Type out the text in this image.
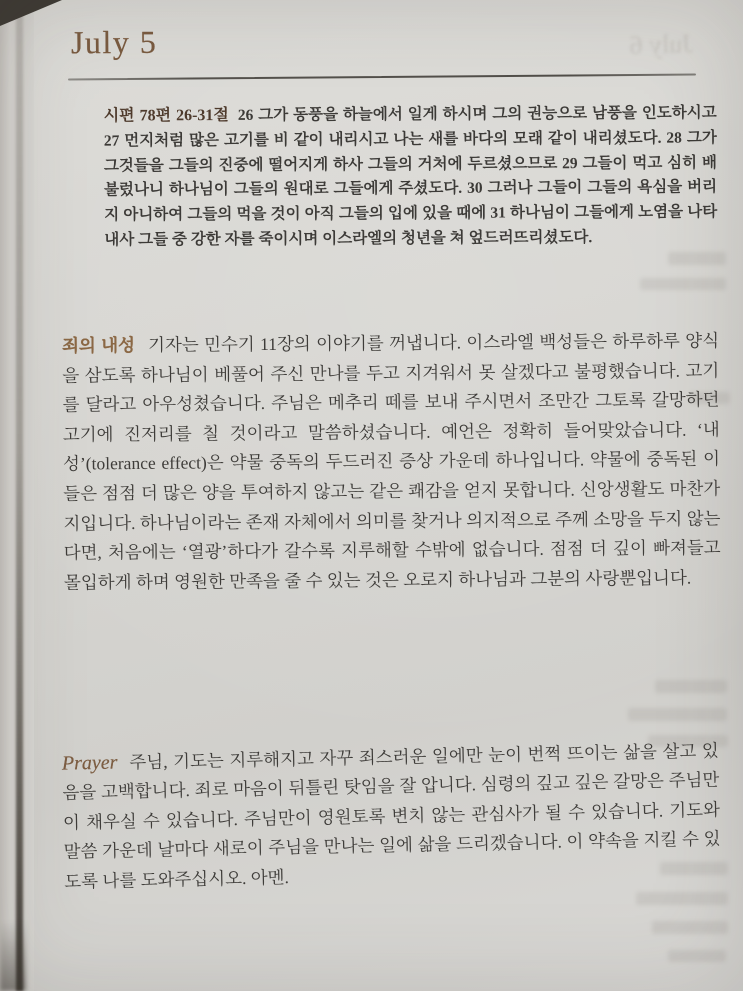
July 6
July 5
시편 78편 26-31절 26 그가 동풍을 하늘에서 일게 하시며 그의 권능으로 남풍을 인도하시고 27 먼지처럼 많은 고기를 비 같이 내리시고 나는 새를 바다의 모래 같이 내리셨도다. 28 그가 그것들을 그들의 진중에 떨어지게 하사 그들의 거처에 두르셨으므로 29 그들이 먹고 심히 배불렀나니 하나님이 그들의 원대로 그들에게 주셨도다. 30 그러나 그들이 그들의 욕심을 버리지 아니하여 그들의 먹을 것이 아직 그들의 입에 있을 때에 31 하나님이 그들에게 노염을 나타내사 그들 중 강한 자를 죽이시며 이스라엘의 청년을 쳐 엎드러뜨리셨도다.
죄의 내성 기자는 민수기 11장의 이야기를 꺼냅니다. 이스라엘 백성들은 하루하루 양식을 삼도록 하나님이 베풀어 주신 만나를 두고 지겨워서 못 살겠다고 불평했습니다. 고기를 달라고 아우성쳤습니다. 주님은 메추리 떼를 보내 주시면서 조만간 그토록 갈망하던 고기에 진저리를 칠 것이라고 말씀하셨습니다. 예언은 정확히 들어맞았습니다. ‘내성’(tolerance effect)은 약물 중독의 두드러진 증상 가운데 하나입니다. 약물에 중독된 이들은 점점 더 많은 양을 투여하지 않고는 같은 쾌감을 얻지 못합니다. 신앙생활도 마찬가지입니다. 하나님이라는 존재 자체에서 의미를 찾거나 의지적으로 주께 소망을 두지 않는다면, 처음에는 ‘열광’하다가 갈수록 지루해할 수밖에 없습니다. 점점 더 깊이 빠져들고 몰입하게 하며 영원한 만족을 줄 수 있는 것은 오로지 하나님과 그분의 사랑뿐입니다.
Prayer 주님, 기도는 지루해지고 자꾸 죄스러운 일에만 눈이 번쩍 뜨이는 삶을 살고 있음을 고백합니다. 죄로 마음이 뒤틀린 탓임을 잘 압니다. 심령의 깊고 깊은 갈망은 주님만이 채우실 수 있습니다. 주님만이 영원토록 변치 않는 관심사가 될 수 있습니다. 기도와 말씀 가운데 날마다 새로이 주님을 만나는 일에 삶을 드리겠습니다. 이 약속을 지킬 수 있도록 나를 도와주십시오. 아멘.
